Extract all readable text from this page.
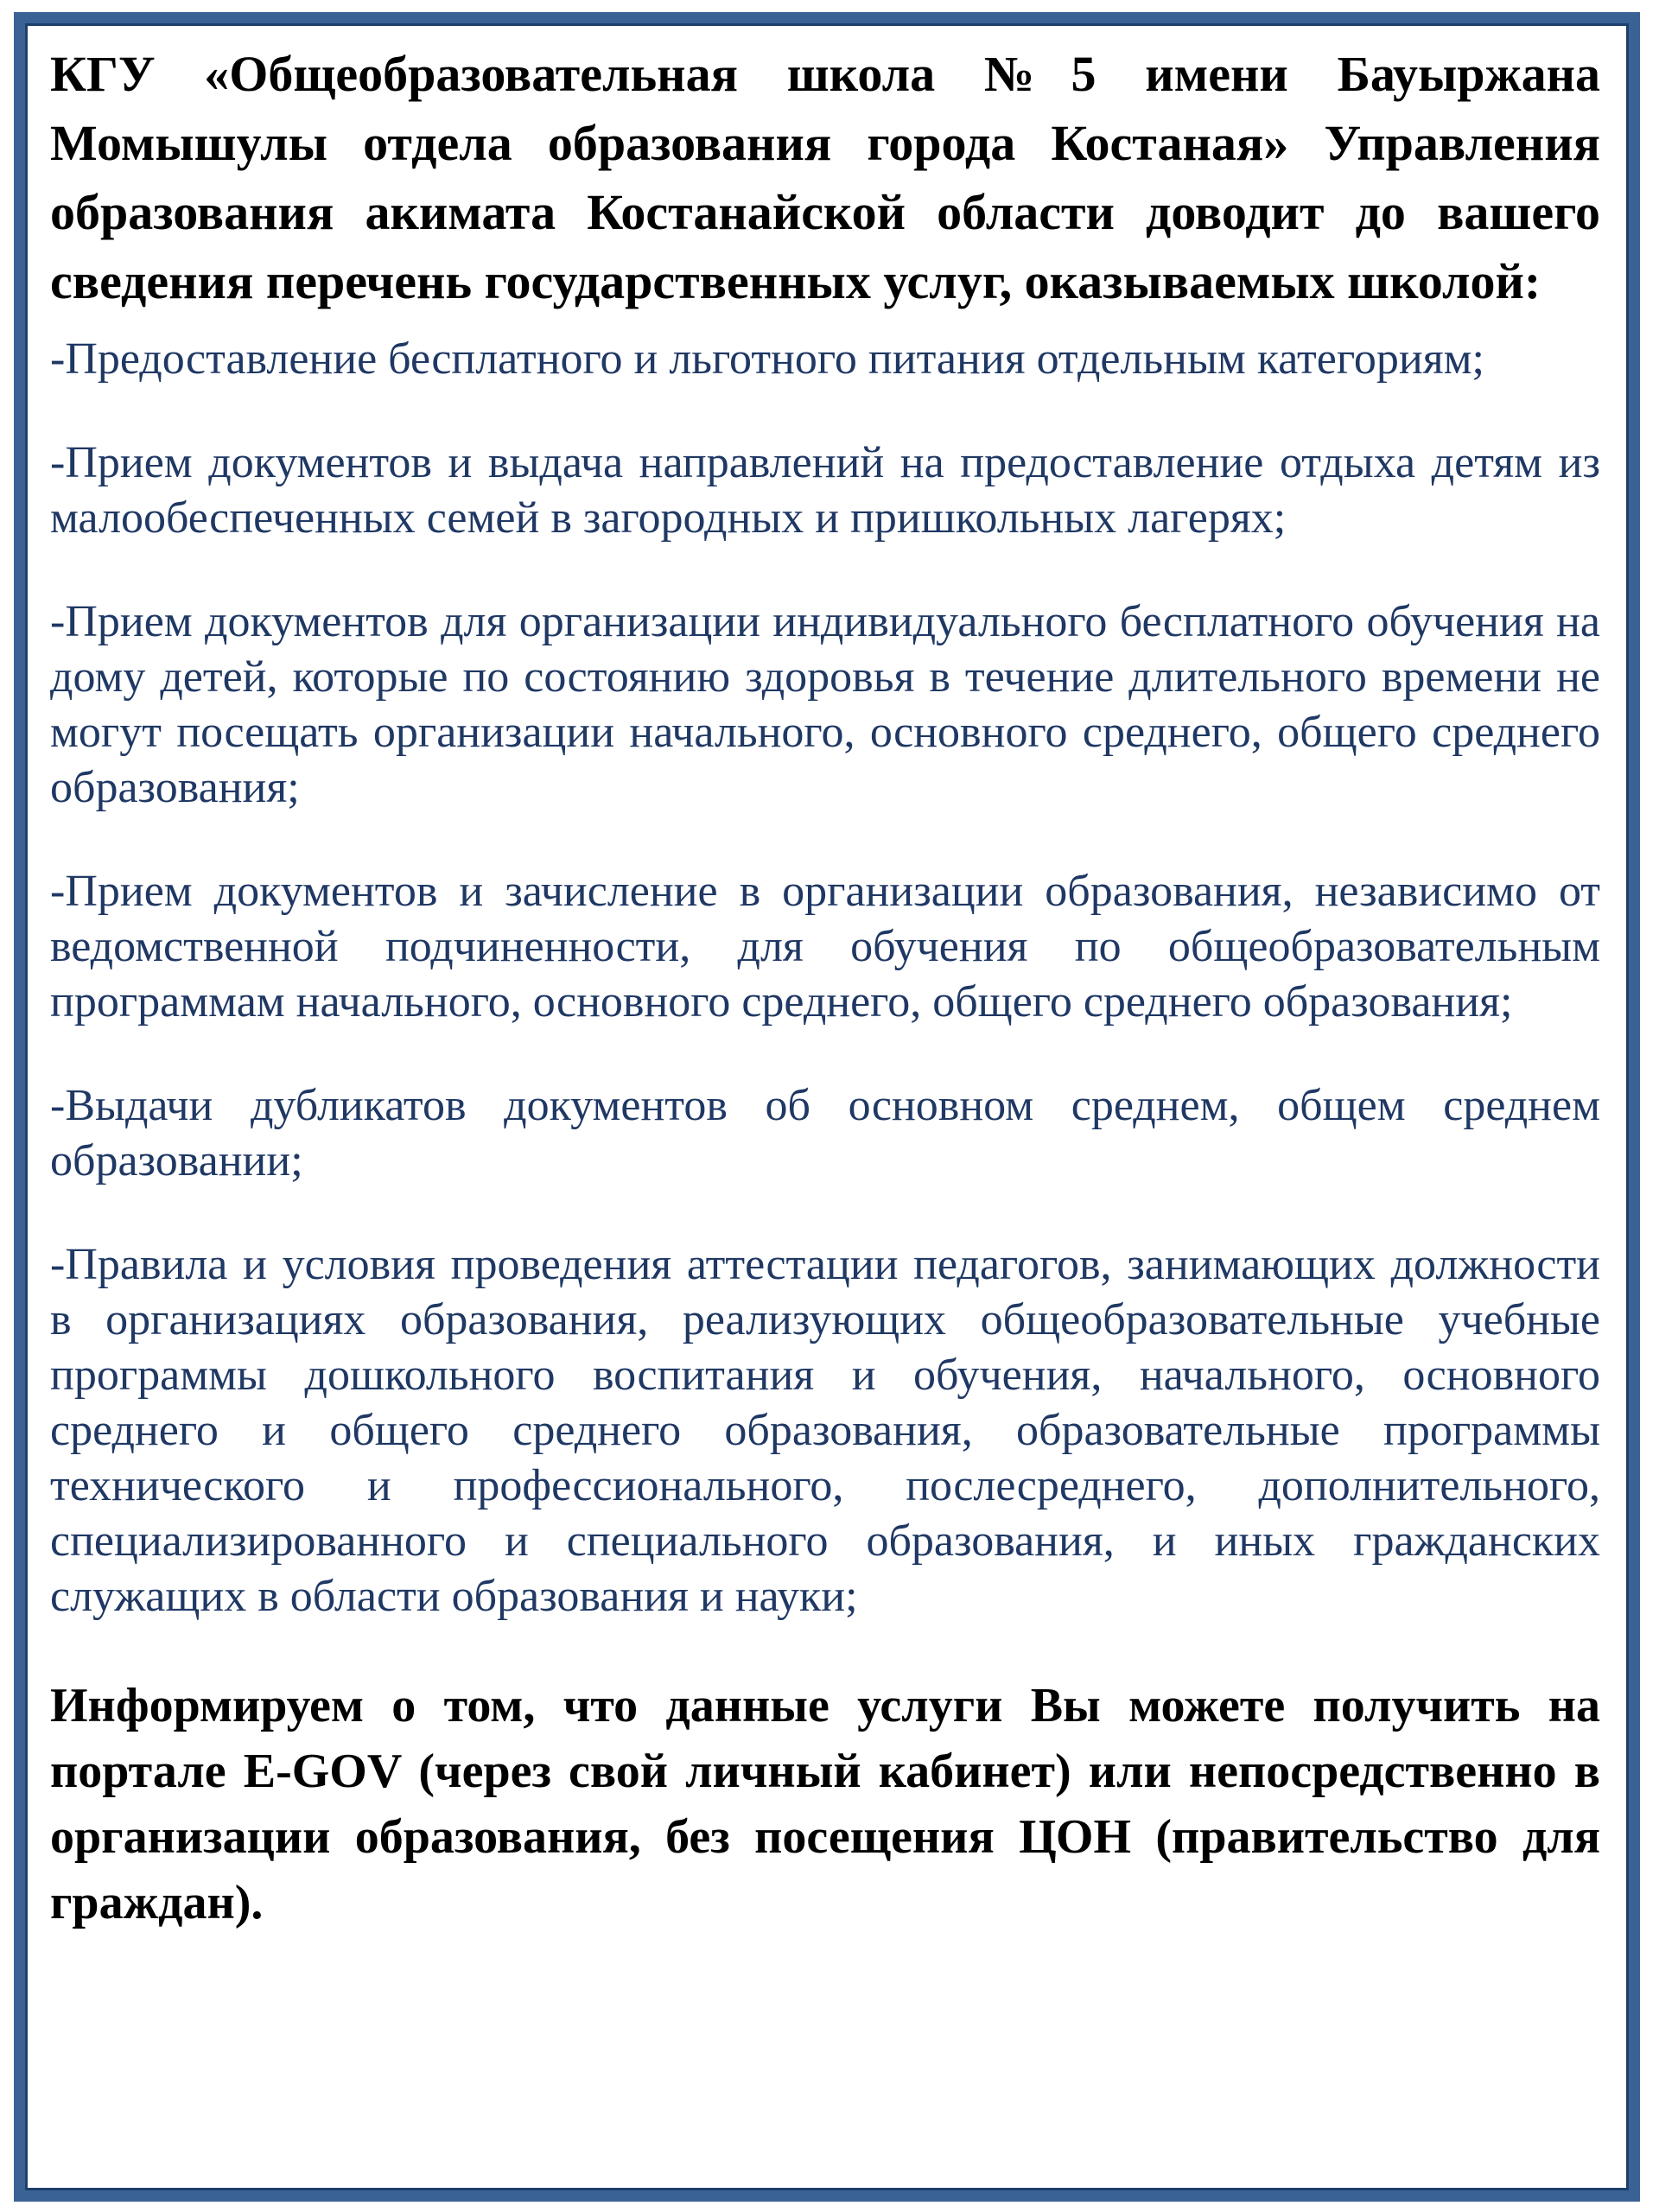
КГУ «Общеобразовательная школа №5 имени Бауыржана Момышулы отдела образования города Костаная» Управления образования акимата Костанайской области доводит до вашего сведения перечень государственных услуг, оказываемых школой:

-Предоставление бесплатного и льготного питания отдельным категориям;

-Прием документов и выдача направлений на предоставление отдыха детям из малообеспеченных семей в загородных и пришкольных лагерях;

-Прием документов для организации индивидуального бесплатного обучения на дому детей, которые по состоянию здоровья в течение длительного времени не могут посещать организации начального, основного среднего, общего среднего образования;

-Прием документов и зачисление в организации образования, независимо от ведомственной подчиненности, для обучения по общеобразовательным программам начального, основного среднего, общего среднего образования;

-Выдачи дубликатов документов об основном среднем, общем среднем образовании;

-Правила и условия проведения аттестации педагогов, занимающих должности в организациях образования, реализующих общеобразовательные учебные программы дошкольного воспитания и обучения, начального, основного среднего и общего среднего образования, образовательные программы технического и профессионального, послесреднего, дополнительного, специализированного и специального образования, и иных гражданских служащих в области образования и науки;

Информируем о том, что данные услуги Вы можете получить на портале E-GOV (через свой личный кабинет) или непосредственно в организации образования, без посещения ЦОН (правительство для граждан).
